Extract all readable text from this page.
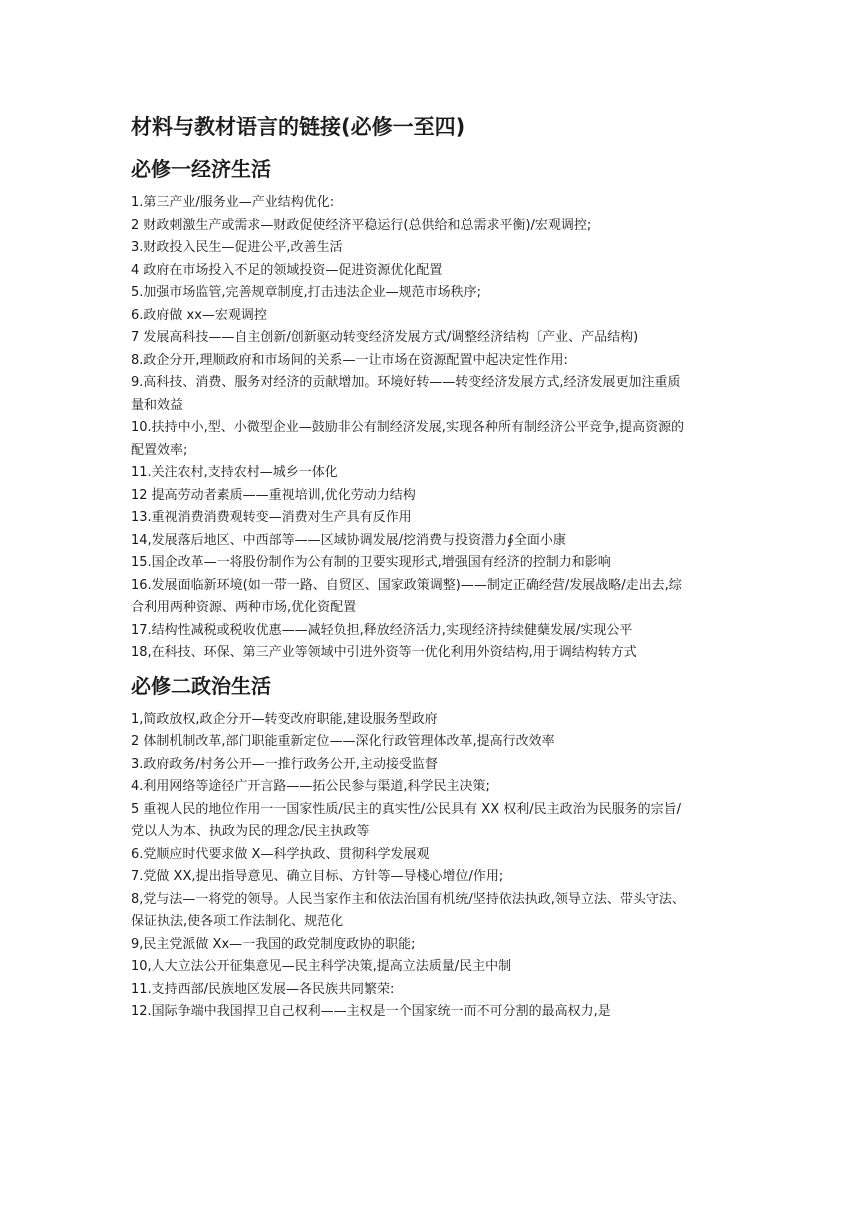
材料与教材语言的链接(必修一至四)
必修一经济生活

1.第三产业/服务业—产业结构优化:

2 财政刺激生产或需求—财政促使经济平稳运行(总供给和总需求平衡)/宏观调控;

3.财政投入民生—促进公平,改善生活

4 政府在市场投入不足的领域投资—促进资源优化配置

5.加强市场监管,完善规章制度,打击违法企业—规范市场秩序;

6.政府做 xx—宏观调控

7 发展高科技——自主创新/创新驱动转变经济发展方式/调整经济结构〔产业、产品结构)

8.政企分开,理顺政府和市场间的关系—一让市场在资源配置中起决定性作用:

9.高科技、消费、服务对经济的贡献增加。环境好转——转变经济发展方式,经济发展更加注重质量和效益

10.扶持中小,型、小微型企业—鼓励非公有制经济发展,实现各种所有制经济公平竞争,提高资源的配置效率;

11.关注农村,支持农村—城乡一体化

12 提高劳动者素质——重视培训,优化劳动力结构

13.重视消费消费观转变—消费对生产具有反作用

14,发展落后地区、中西部等——区域协调发展/挖消费与投资潜力∮全面小康

15.国企改革—一将股份制作为公有制的卫要实现形式,增强国有经济的控制力和影响

16.发展面临新环境(如一带一路、自贸区、国家政策调整)——制定正确经营/发展战略/走出去,综合利用两种资源、两种市场,优化资配置

17.结构性减税或税收优惠——减轻负担,释放经济活力,实现经济持续健蘖发展/实现公平

18,在科技、环保、第三产业等领域中引进外资等一优化利用外资结构,用于调结构转方式

必修二政治生活

1,简政放权,政企分开—转变改府职能,建设服务型政府

2 体制机制改革,部门职能重新定位——深化行政管理体改革,提高行改效率

3.政府政务/村务公开—一推行政务公开,主动接受监督

4.利用网络等途径广开言路——拓公民参与渠道,科学民主决策;

5 重视人民的地位作用一一国家性质/民主的真实性/公民具有 XX 权利/民主政治为民服务的宗旨/党以人为本、执政为民的理念/民主执政等

6.党顺应时代要求做 X—科学执政、贯彻科学发展观

7.党做 XX,提出指导意见、确立目标、方针等—导棧心增位/作用;

8,党与法—一将党的领导。人民当家作主和依法治国有机统/坚持依法执政,领导立法、带头守法、保证执法,使各项工作法制化、规范化

9,民主党派做 Xx—一我国的政党制度政协的职能;

10,人大立法公开征集意见—民主科学决策,提高立法质量/民主中制

11.支持西部/民族地区发展—各民族共同繁荣:

12.国际争端中我国捍卫自己权利——主权是一个国家统一而不可分割的最高权力,是
